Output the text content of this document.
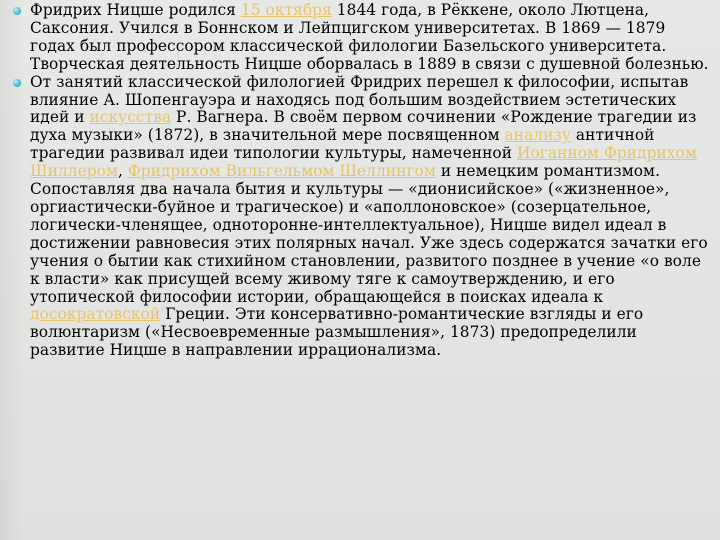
Фридрих Ницше родился 15 октября 1844 года, в Рёккене, около Лютцена, Саксония. Учился в Боннском и Лейпцигском университетах. В 1869 — 1879 годах был профессором классической филологии Базельского университета. Творческая деятельность Ницше оборвалась в 1889 в связи с душевной болезнью.
От занятий классической филологией Фридрих перешел к философии, испытав влияние А. Шопенгауэра и находясь под большим воздействием эстетических идей и искусства Р. Вагнера. В своём первом сочинении «Рождение трагедии из духа музыки» (1872), в значительной мере посвященном анализу античной трагедии развивал идеи типологии культуры, намеченной Иоганном Фридрихом Шиллером, Фридрихом Вильгельмом Шеллингом и немецким романтизмом. Сопоставляя два начала бытия и культуры — «дионисийское» («жизненное», оргиастически-буйное и трагическое) и «аполлоновское» (созерцательное, логически-членящее, одноторонне-интеллектуальное), Ницше видел идеал в достижении равновесия этих полярных начал. Уже здесь содержатся зачатки его учения о бытии как стихийном становлении, развитого позднее в учение «о воле к власти» как присущей всему живому тяге к самоутверждению, и его утопической философии истории, обращающейся в поисках идеала к досократовской Греции. Эти консервативно-романтические взгляды и его волюнтаризм («Несвоевременные размышления», 1873) предопределили развитие Ницше в направлении иррационализма.
